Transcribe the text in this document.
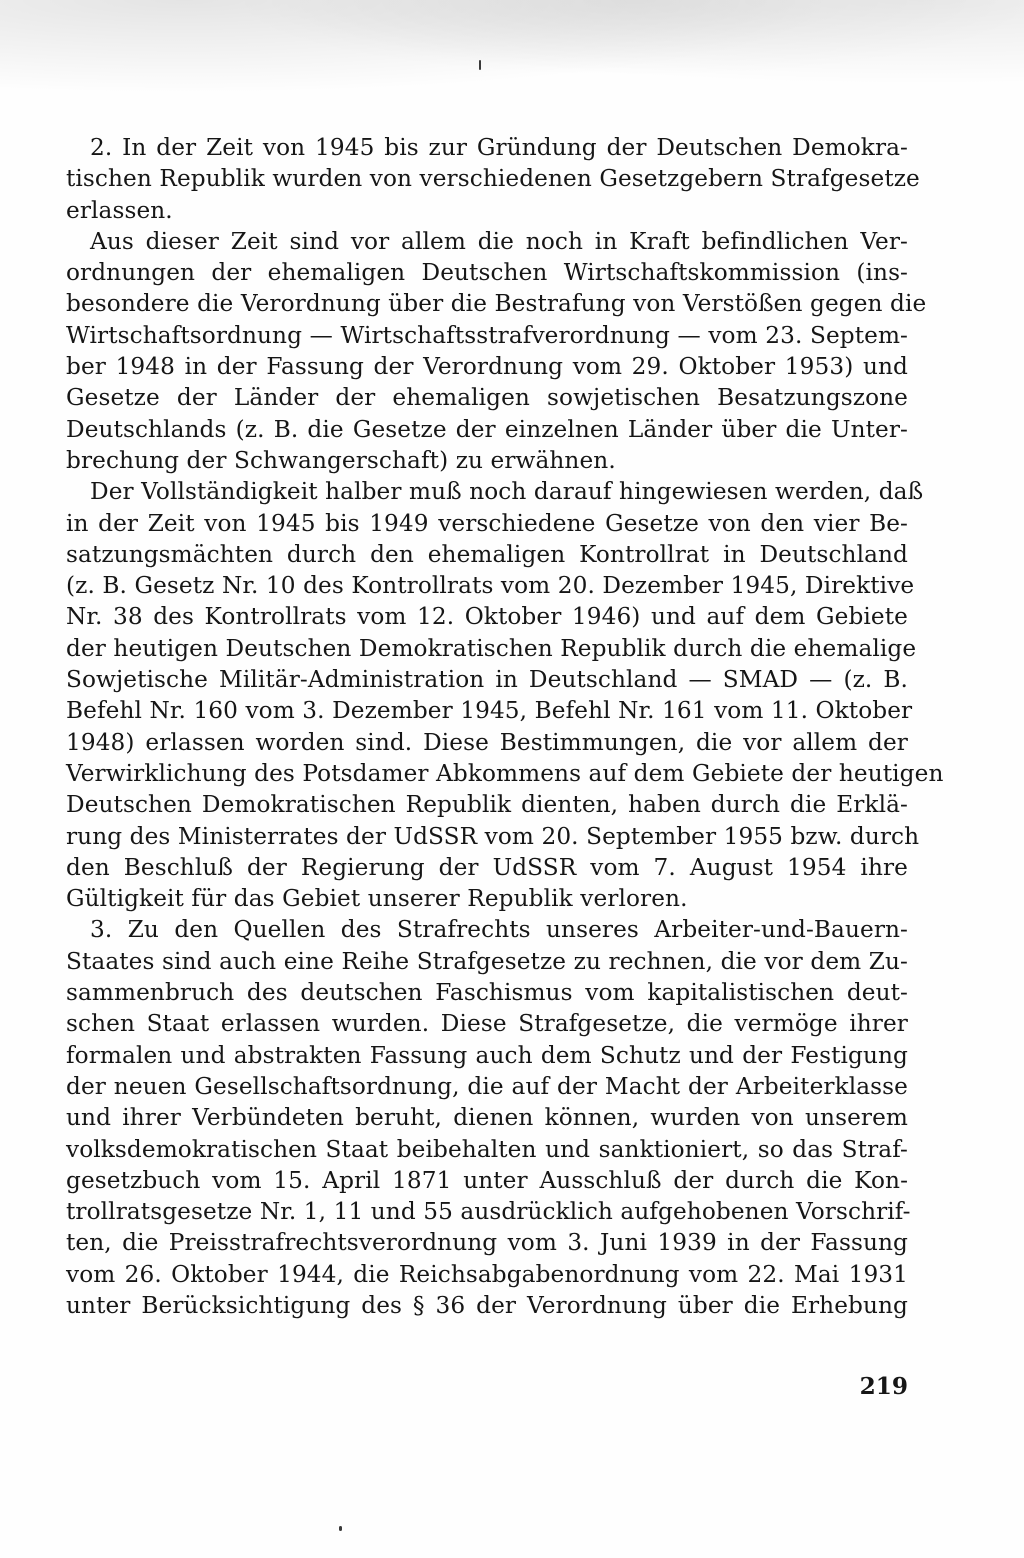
2. In der Zeit von 1945 bis zur Gründung der Deutschen Demokra-
tischen Republik wurden von verschiedenen Gesetzgebern Strafgesetze
erlassen.
Aus dieser Zeit sind vor allem die noch in Kraft befindlichen Ver-
ordnungen der ehemaligen Deutschen Wirtschaftskommission (ins-
besondere die Verordnung über die Bestrafung von Verstößen gegen die
Wirtschaftsordnung — Wirtschaftsstrafverordnung — vom 23. Septem-
ber 1948 in der Fassung der Verordnung vom 29. Oktober 1953) und
Gesetze der Länder der ehemaligen sowjetischen Besatzungszone
Deutschlands (z. B. die Gesetze der einzelnen Länder über die Unter-
brechung der Schwangerschaft) zu erwähnen.
Der Vollständigkeit halber muß noch darauf hingewiesen werden, daß
in der Zeit von 1945 bis 1949 verschiedene Gesetze von den vier Be-
satzungsmächten durch den ehemaligen Kontrollrat in Deutschland
(z. B. Gesetz Nr. 10 des Kontrollrats vom 20. Dezember 1945, Direktive
Nr. 38 des Kontrollrats vom 12. Oktober 1946) und auf dem Gebiete
der heutigen Deutschen Demokratischen Republik durch die ehemalige
Sowjetische Militär-Administration in Deutschland — SMAD — (z. B.
Befehl Nr. 160 vom 3. Dezember 1945, Befehl Nr. 161 vom 11. Oktober
1948) erlassen worden sind. Diese Bestimmungen, die vor allem der
Verwirklichung des Potsdamer Abkommens auf dem Gebiete der heutigen
Deutschen Demokratischen Republik dienten, haben durch die Erklä-
rung des Ministerrates der UdSSR vom 20. September 1955 bzw. durch
den Beschluß der Regierung der UdSSR vom 7. August 1954 ihre
Gültigkeit für das Gebiet unserer Republik verloren.
3. Zu den Quellen des Strafrechts unseres Arbeiter-und-Bauern-
Staates sind auch eine Reihe Strafgesetze zu rechnen, die vor dem Zu-
sammenbruch des deutschen Faschismus vom kapitalistischen deut-
schen Staat erlassen wurden. Diese Strafgesetze, die vermöge ihrer
formalen und abstrakten Fassung auch dem Schutz und der Festigung
der neuen Gesellschaftsordnung, die auf der Macht der Arbeiterklasse
und ihrer Verbündeten beruht, dienen können, wurden von unserem
volksdemokratischen Staat beibehalten und sanktioniert, so das Straf-
gesetzbuch vom 15. April 1871 unter Ausschluß der durch die Kon-
trollratsgesetze Nr. 1, 11 und 55 ausdrücklich aufgehobenen Vorschrif-
ten, die Preisstrafrechtsverordnung vom 3. Juni 1939 in der Fassung
vom 26. Oktober 1944, die Reichsabgabenordnung vom 22. Mai 1931
unter Berücksichtigung des § 36 der Verordnung über die Erhebung
219
